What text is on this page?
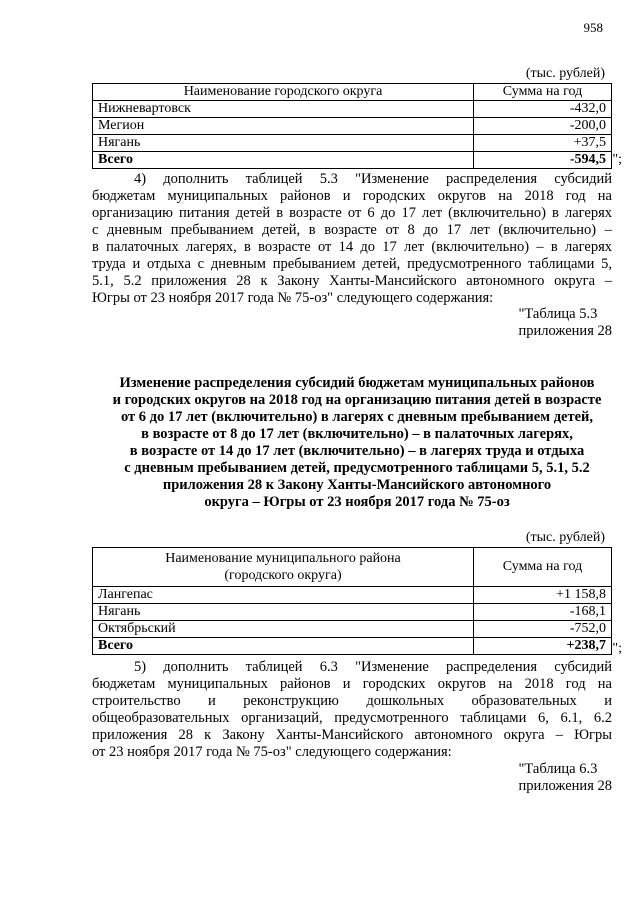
958
(тыс. рублей)
Наименование городского округа	Сумма на год
Нижневартовск	-432,0
Мегион	-200,0
Нягань	+37,5
Всего	-594,5 ";
4) дополнить таблицей 5.3 "Изменение распределения субсидий
бюджетам муниципальных районов и городских округов на 2018 год на
организацию питания детей в возрасте от 6 до 17 лет (включительно) в лагерях
с дневным пребыванием детей, в возрасте от 8 до 17 лет (включительно) –
в палаточных лагерях, в возрасте от 14 до 17 лет (включительно) – в лагерях
труда и отдыха с дневным пребыванием детей, предусмотренного таблицами 5,
5.1, 5.2 приложения 28 к Закону Ханты-Мансийского автономного округа –
Югры от 23 ноября 2017 года № 75-оз" следующего содержания:
"Таблица 5.3
приложения 28
Изменение распределения субсидий бюджетам муниципальных районов
и городских округов на 2018 год на организацию питания детей в возрасте
от 6 до 17 лет (включительно) в лагерях с дневным пребыванием детей,
в возрасте от 8 до 17 лет (включительно) – в палаточных лагерях,
в возрасте от 14 до 17 лет (включительно) – в лагерях труда и отдыха
с дневным пребыванием детей, предусмотренного таблицами 5, 5.1, 5.2
приложения 28 к Закону Ханты-Мансийского автономного
округа – Югры от 23 ноября 2017 года № 75-оз
(тыс. рублей)
Наименование муниципального района
(городского округа)	Сумма на год
Лангепас	+1 158,8
Нягань	-168,1
Октябрьский	-752,0
Всего	+238,7 ";
5) дополнить таблицей 6.3 "Изменение распределения субсидий
бюджетам муниципальных районов и городских округов на 2018 год на
строительство и реконструкцию дошкольных образовательных и
общеобразовательных организаций, предусмотренного таблицами 6, 6.1, 6.2
приложения 28 к Закону Ханты-Мансийского автономного округа – Югры
от 23 ноября 2017 года № 75-оз" следующего содержания:
"Таблица 6.3
приложения 28
